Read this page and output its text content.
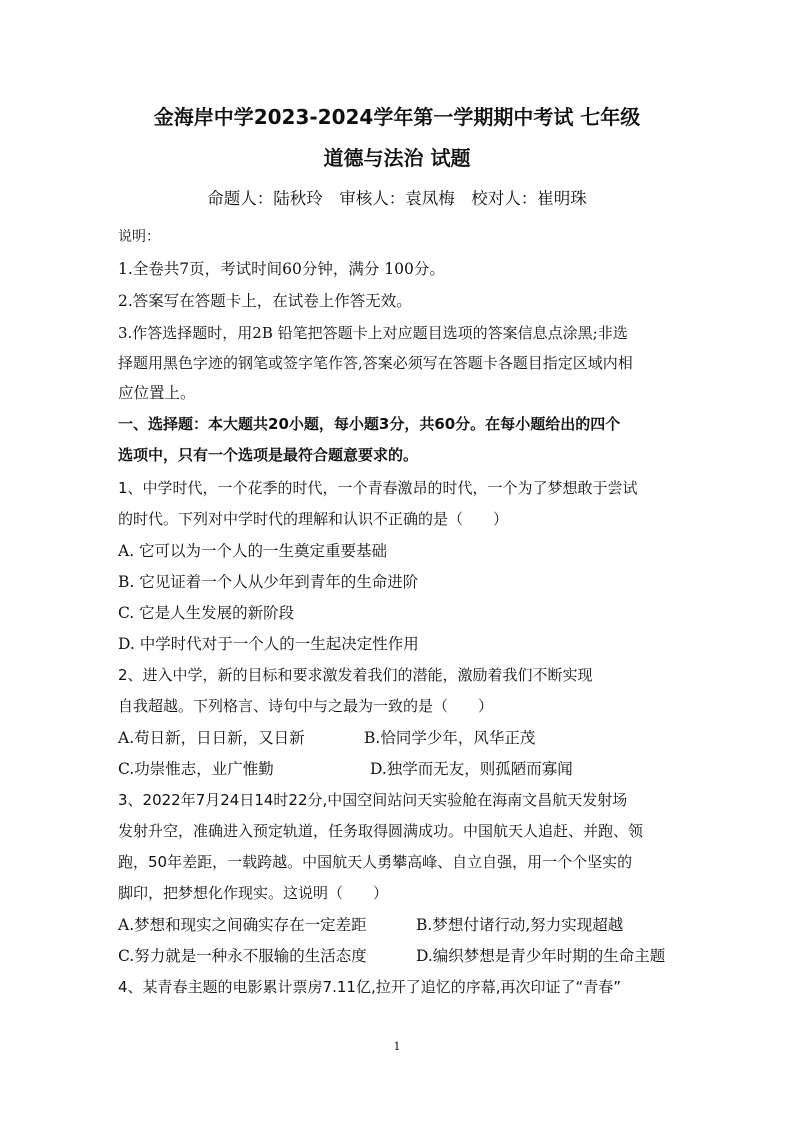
金海岸中学2023-2024学年第一学期期中考试 七年级
道德与法治 试题
命题人：陆秋玲　审核人：袁凤梅　校对人：崔明珠
说明：
1.全卷共7页，考试时间60分钟，满分 100分。
2.答案写在答题卡上，在试卷上作答无效。
3.作答选择题时，用2B 铅笔把答题卡上对应题目选项的答案信息点涂黑;非选
择题用黑色字迹的钢笔或签字笔作答,答案必须写在答题卡各题目指定区域内相
应位置上。
一、选择题：本大题共20小题，每小题3分，共60分。在每小题给出的四个
选项中，只有一个选项是最符合题意要求的。
1、中学时代，一个花季的时代，一个青春激昂的时代，一个为了梦想敢于尝试
的时代。下列对中学时代的理解和认识不正确的是（　　）
A. 它可以为一个人的一生奠定重要基础
B. 它见证着一个人从少年到青年的生命进阶
C. 它是人生发展的新阶段
D. 中学时代对于一个人的一生起决定性作用
2、进入中学，新的目标和要求激发着我们的潜能，激励着我们不断实现
自我超越。下列格言、诗句中与之最为一致的是（　　）
A.苟日新，日日新，又日新	B.恰同学少年，风华正茂
C.功崇惟志，业广惟勤	D.独学而无友，则孤陋而寡闻
3、2022年7月24日14时22分,中国空间站问天实验舱在海南文昌航天发射场
发射升空，准确进入预定轨道，任务取得圆满成功。中国航天人追赶、并跑、领
跑，50年差距，一载跨越。中国航天人勇攀高峰、自立自强，用一个个坚实的
脚印，把梦想化作现实。这说明（　　）
A.梦想和现实之间确实存在一定差距	B.梦想付诸行动,努力实现超越
C.努力就是一种永不服输的生活态度	D.编织梦想是青少年时期的生命主题
4、某青春主题的电影累计票房7.11亿,拉开了追忆的序幕,再次印证了“青春”
1
